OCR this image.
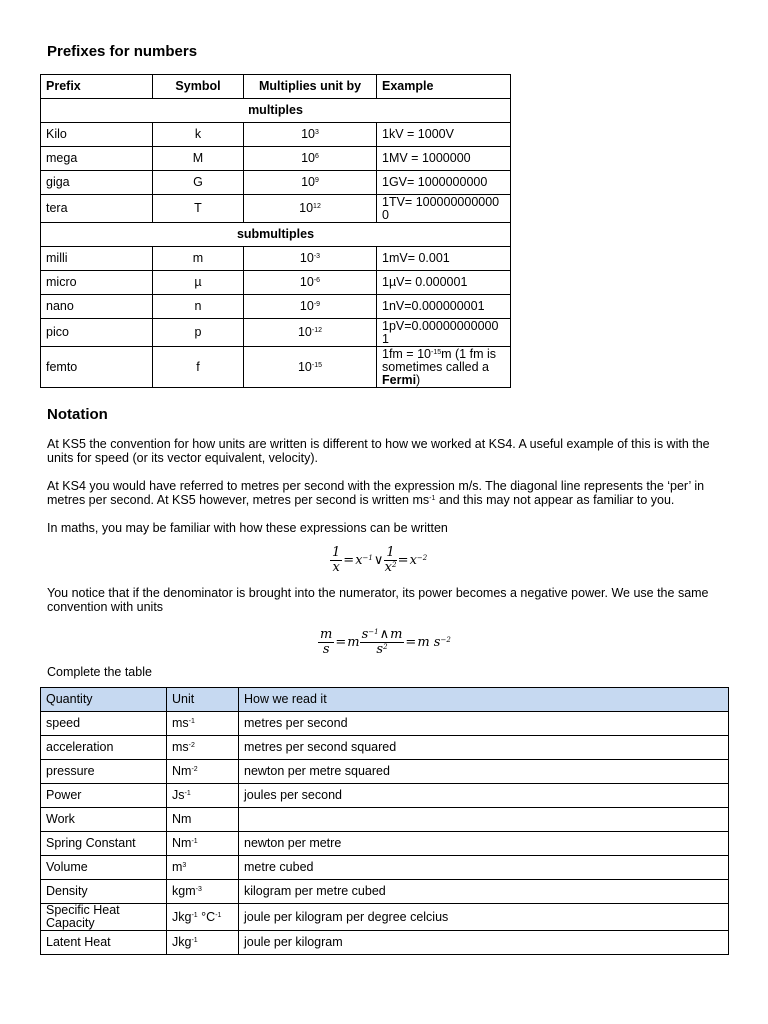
Prefixes for numbers
Prefix	Symbol	Multiplies unit by	Example
multiples			
Kilo	k	$10^3$	1kV = 1000V
mega	M	$10^6$	1MV = 1000000
giga	G	$10^9$	1GV= 1000000000
tera	T	$10^{12}$	1TV= 1000000000000
submultiples			
milli	m	$10^{-3}$	1mV= 0.001
micro	µ	$10^{-6}$	1µV= 0.000001
nano	n	$10^{-9}$	1nV=0.000000001
pico	p	$10^{-12}$	1pV=0.000000000001
femto	f	$10^{-15}$	$1fm = 10^{-15}m$ (1 fm is sometimes called a Fermi)
Notation

At KS5 the convention for how units are written is different to how we worked at KS4. A useful example of this is with the units for speed (or its vector equivalent, velocity).

At KS4 you would have referred to metres per second with the expression m/s. The diagonal line represents the ‘per’ in metres per second. At KS5 however, metres per second is written $ms^{-1}$ and this may not appear as familiar to you.

In maths, you may be familiar with how these expressions can be written

$\frac{1}{x}$ $=x^{-1}\vee \frac{1}{x^2} =x^{-2}$

You notice that if the denominator is brought into the numerator, its power becomes a negative power. We use the same convention with units

$\frac{m}{s} =m \frac{s^{-1}\wedge m}{s^2} =m$ $s^{-2}$

Complete the table

Quantity	Unit	How we read it
speed	$ms^{-1}$	metres per second
acceleration	$ms^{-2}$	metres per second squared
pressure	$Nm^{-2}$	newton per metre squared
Power	$Js^{-1}$	joules per second
Work	Nm	
Spring Constant	$Nm^{-1}$	newton per metre
Volume	$m^3$	metre cubed
Density	kgm$^{-3}$	kilogram per metre cubed
Specific Heat Capacity	Jkg$^{-1}$ $^\circ C^{-1}$	joule per kilogram per degree celcius
Latent Heat	Jkg$^{-1}$	joule per kilogram
